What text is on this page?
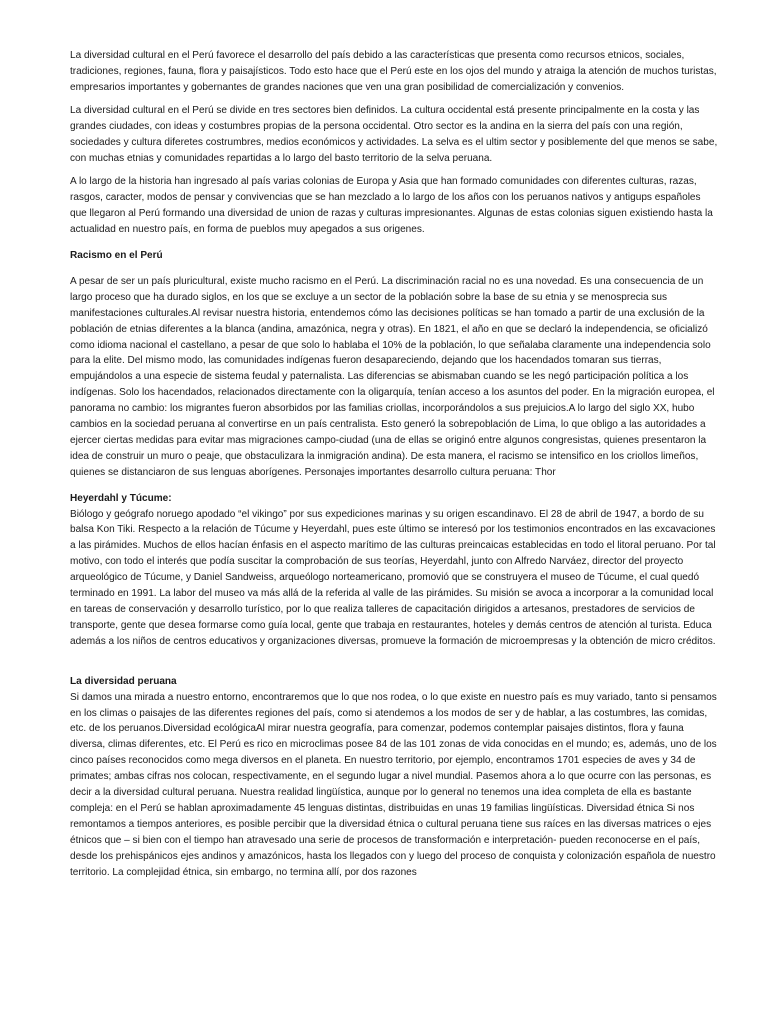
La diversidad cultural en el Perú favorece el desarrollo del país debido a las características que presenta como recursos etnicos, sociales, tradiciones, regiones, fauna, flora y paisajísticos. Todo esto hace que el Perú este en los ojos del mundo y atraiga la atención de muchos turistas, empresarios importantes y gobernantes de grandes naciones que ven una gran posibilidad de comercialización y convenios.

La diversidad cultural en el Perú se divide en tres sectores bien definidos. La cultura occidental está presente principalmente en la costa y las grandes ciudades, con ideas y costumbres propias de la persona occidental. Otro sector es la andina en la sierra del país con una región, sociedades y cultura diferetes costrumbres, medios económicos y actividades. La selva es el ultim sector y posiblemente del que menos se sabe, con muchas etnias y comunidades repartidas a lo largo del basto territorio de la selva peruana.

A lo largo de la historia han ingresado al país varias colonias de Europa y Asia que han formado comunidades con diferentes culturas, razas, rasgos, caracter, modos de pensar y convivencias que se han mezclado a lo largo de los años con los peruanos nativos y antigups españoles que llegaron al Perú formando una diversidad de union de razas y culturas impresionantes. Algunas de estas colonias siguen existiendo hasta la actualidad en nuestro país, en forma de pueblos muy apegados a sus origenes.

Racismo en el Perú

A pesar de ser un país pluricultural, existe mucho racismo en el Perú. La discriminación racial no es una novedad. Es una consecuencia de un largo proceso que ha durado siglos, en los que se excluye a un sector de la población sobre la base de su etnia y se menosprecia sus manifestaciones culturales.Al revisar nuestra historia, entendemos cómo las decisiones políticas se han tomado a partir de una exclusión de la población de etnias diferentes a la blanca (andina, amazónica, negra y otras). En 1821, el año en que se declaró la independencia, se oficializó como idioma nacional el castellano, a pesar de que solo lo hablaba el 10% de la población, lo que señalaba claramente una independencia solo para la elite. Del mismo modo, las comunidades indígenas fueron desapareciendo, dejando que los hacendados tomaran sus tierras, empujándolos a una especie de sistema feudal y paternalista. Las diferencias se abismaban cuando se les negó participación política a los indígenas. Solo los hacendados, relacionados directamente con la oligarquía, tenían acceso a los asuntos del poder. En la migración europea, el panorama no cambio: los migrantes fueron absorbidos por las familias criollas, incorporándolos a sus prejuicios.A lo largo del siglo XX, hubo cambios en la sociedad peruana al convertirse en un país centralista. Esto generó la sobrepoblación de Lima, lo que obligo a las autoridades a ejercer ciertas medidas para evitar mas migraciones campo-ciudad (una de ellas se originó entre algunos congresistas, quienes presentaron la idea de construir un muro o peaje, que obstaculizara la inmigración andina). De esta manera, el racismo se intensifico en los criollos limeños, quienes se distanciaron de sus lenguas aborígenes. Personajes importantes desarrollo cultura peruana: Thor

Heyerdahl y Túcume:

Biólogo y geógrafo noruego apodado “el vikingo” por sus expediciones marinas y su origen escandinavo. El 28 de abril de 1947, a bordo de su balsa Kon Tiki. Respecto a la relación de Túcume y Heyerdahl, pues este último se interesó por los testimonios encontrados en las excavaciones a las pirámides. Muchos de ellos hacían énfasis en el aspecto marítimo de las culturas preincaicas establecidas en todo el litoral peruano. Por tal motivo, con todo el interés que podía suscitar la comprobación de sus teorías, Heyerdahl, junto con Alfredo Narváez, director del proyecto arqueológico de Túcume, y Daniel Sandweiss, arqueólogo norteamericano, promovió que se construyera el museo de Túcume, el cual quedó terminado en 1991. La labor del museo va más allá de la referida al valle de las pirámides. Su misión se avoca a incorporar a la comunidad local en tareas de conservación y desarrollo turístico, por lo que realiza talleres de capacitación dirigidos a artesanos, prestadores de servicios de transporte, gente que desea formarse como guía local, gente que trabaja en restaurantes, hoteles y demás centros de atención al turista. Educa además a los niños de centros educativos y organizaciones diversas, promueve la formación de microempresas y la obtención de micro créditos.

La diversidad peruana

Si damos una mirada a nuestro entorno, encontraremos que lo que nos rodea, o lo que existe en nuestro país es muy variado, tanto si pensamos en los climas o paisajes de las diferentes regiones del país, como si atendemos a los modos de ser y de hablar, a las costumbres, las comidas, etc. de los peruanos.Diversidad ecológicaAl mirar nuestra geografía, para comenzar, podemos contemplar paisajes distintos, flora y fauna diversa, climas diferentes, etc. El Perú es rico en microclimas posee 84 de las 101 zonas de vida conocidas en el mundo; es, además, uno de los cinco países reconocidos como mega diversos en el planeta. En nuestro territorio, por ejemplo, encontramos 1701 especies de aves y 34 de primates; ambas cifras nos colocan, respectivamente, en el segundo lugar a nivel mundial. Pasemos ahora a lo que ocurre con las personas, es decir a la diversidad cultural peruana. Nuestra realidad lingüística, aunque por lo general no tenemos una idea completa de ella es bastante compleja: en el Perú se hablan aproximadamente 45 lenguas distintas, distribuidas en unas 19 familias lingüísticas. Diversidad étnica Si nos remontamos a tiempos anteriores, es posible percibir que la diversidad étnica o cultural peruana tiene sus raíces en las diversas matrices o ejes étnicos que – si bien con el tiempo han atravesado una serie de procesos de transformación e interpretación- pueden reconocerse en el país, desde los prehispánicos ejes andinos y amazónicos, hasta los llegados con y luego del proceso de conquista y colonización española de nuestro territorio. La complejidad étnica, sin embargo, no termina allí, por dos razones
